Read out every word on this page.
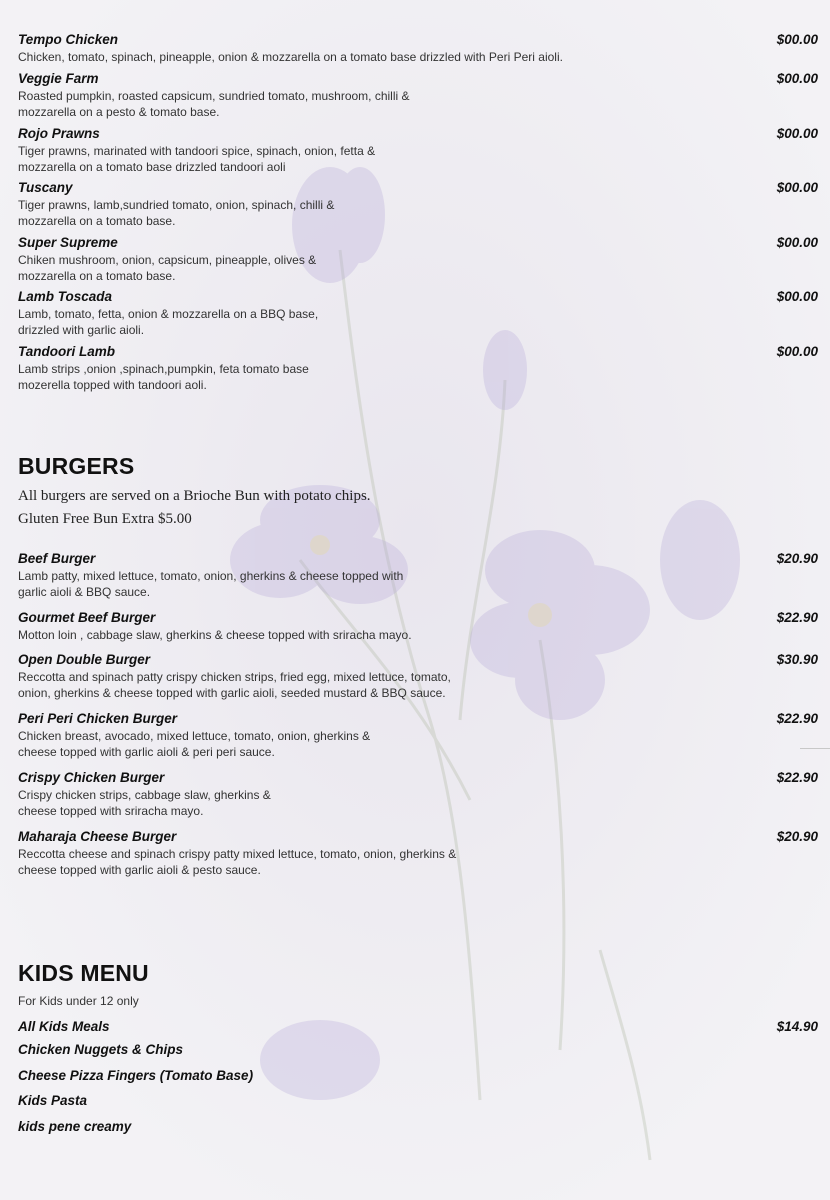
Tempo Chicken
Chicken, tomato, spinach, pineapple, onion & mozzarella on a tomato base drizzled with Peri Peri aioli.
$00.00
Veggie Farm
Roasted pumpkin, roasted capsicum, sundried tomato, mushroom, chilli &
mozzarella on a pesto & tomato base.
$00.00
Rojo Prawns
Tiger prawns, marinated with tandoori spice, spinach, onion, fetta &
mozzarella on a tomato base drizzled tandoori aoli
$00.00
Tuscany
Tiger prawns, lamb,sundried tomato, onion, spinach, chilli &
mozzarella on a tomato base.
$00.00
Super Supreme
Chiken mushroom, onion, capsicum, pineapple, olives &
mozzarella on a tomato base.
$00.00
Lamb Toscada
Lamb, tomato, fetta, onion & mozzarella on a BBQ base,
drizzled with garlic aioli.
$00.00
Tandoori Lamb
Lamb strips ,onion ,spinach,pumpkin, feta tomato base
mozerella topped with tandoori aoli.
$00.00
BURGERS
All burgers are served on a Brioche Bun with potato chips.
Gluten Free Bun Extra $5.00
Beef Burger
Lamb patty, mixed lettuce, tomato, onion, gherkins & cheese topped with
garlic aioli & BBQ sauce.
$20.90
Gourmet Beef Burger
Motton loin , cabbage slaw, gherkins & cheese topped with sriracha mayo.
$22.90
Open Double Burger
Reccotta and spinach patty crispy chicken strips, fried egg, mixed lettuce, tomato,
onion, gherkins & cheese topped with garlic aioli, seeded mustard & BBQ sauce.
$30.90
Peri Peri Chicken Burger
Chicken breast, avocado, mixed lettuce, tomato, onion, gherkins &
cheese topped with garlic aioli & peri peri sauce.
$22.90
Crispy Chicken Burger
Crispy chicken strips, cabbage slaw, gherkins &
cheese topped with sriracha mayo.
$22.90
Maharaja Cheese Burger
Reccotta cheese and spinach crispy patty mixed lettuce, tomato, onion, gherkins &
cheese topped with garlic aioli & pesto sauce.
$20.90
KIDS MENU
For Kids under 12 only
All Kids Meals	$14.90
Chicken Nuggets & Chips
Cheese Pizza Fingers (Tomato Base)
Kids Pasta
kids pene creamy
